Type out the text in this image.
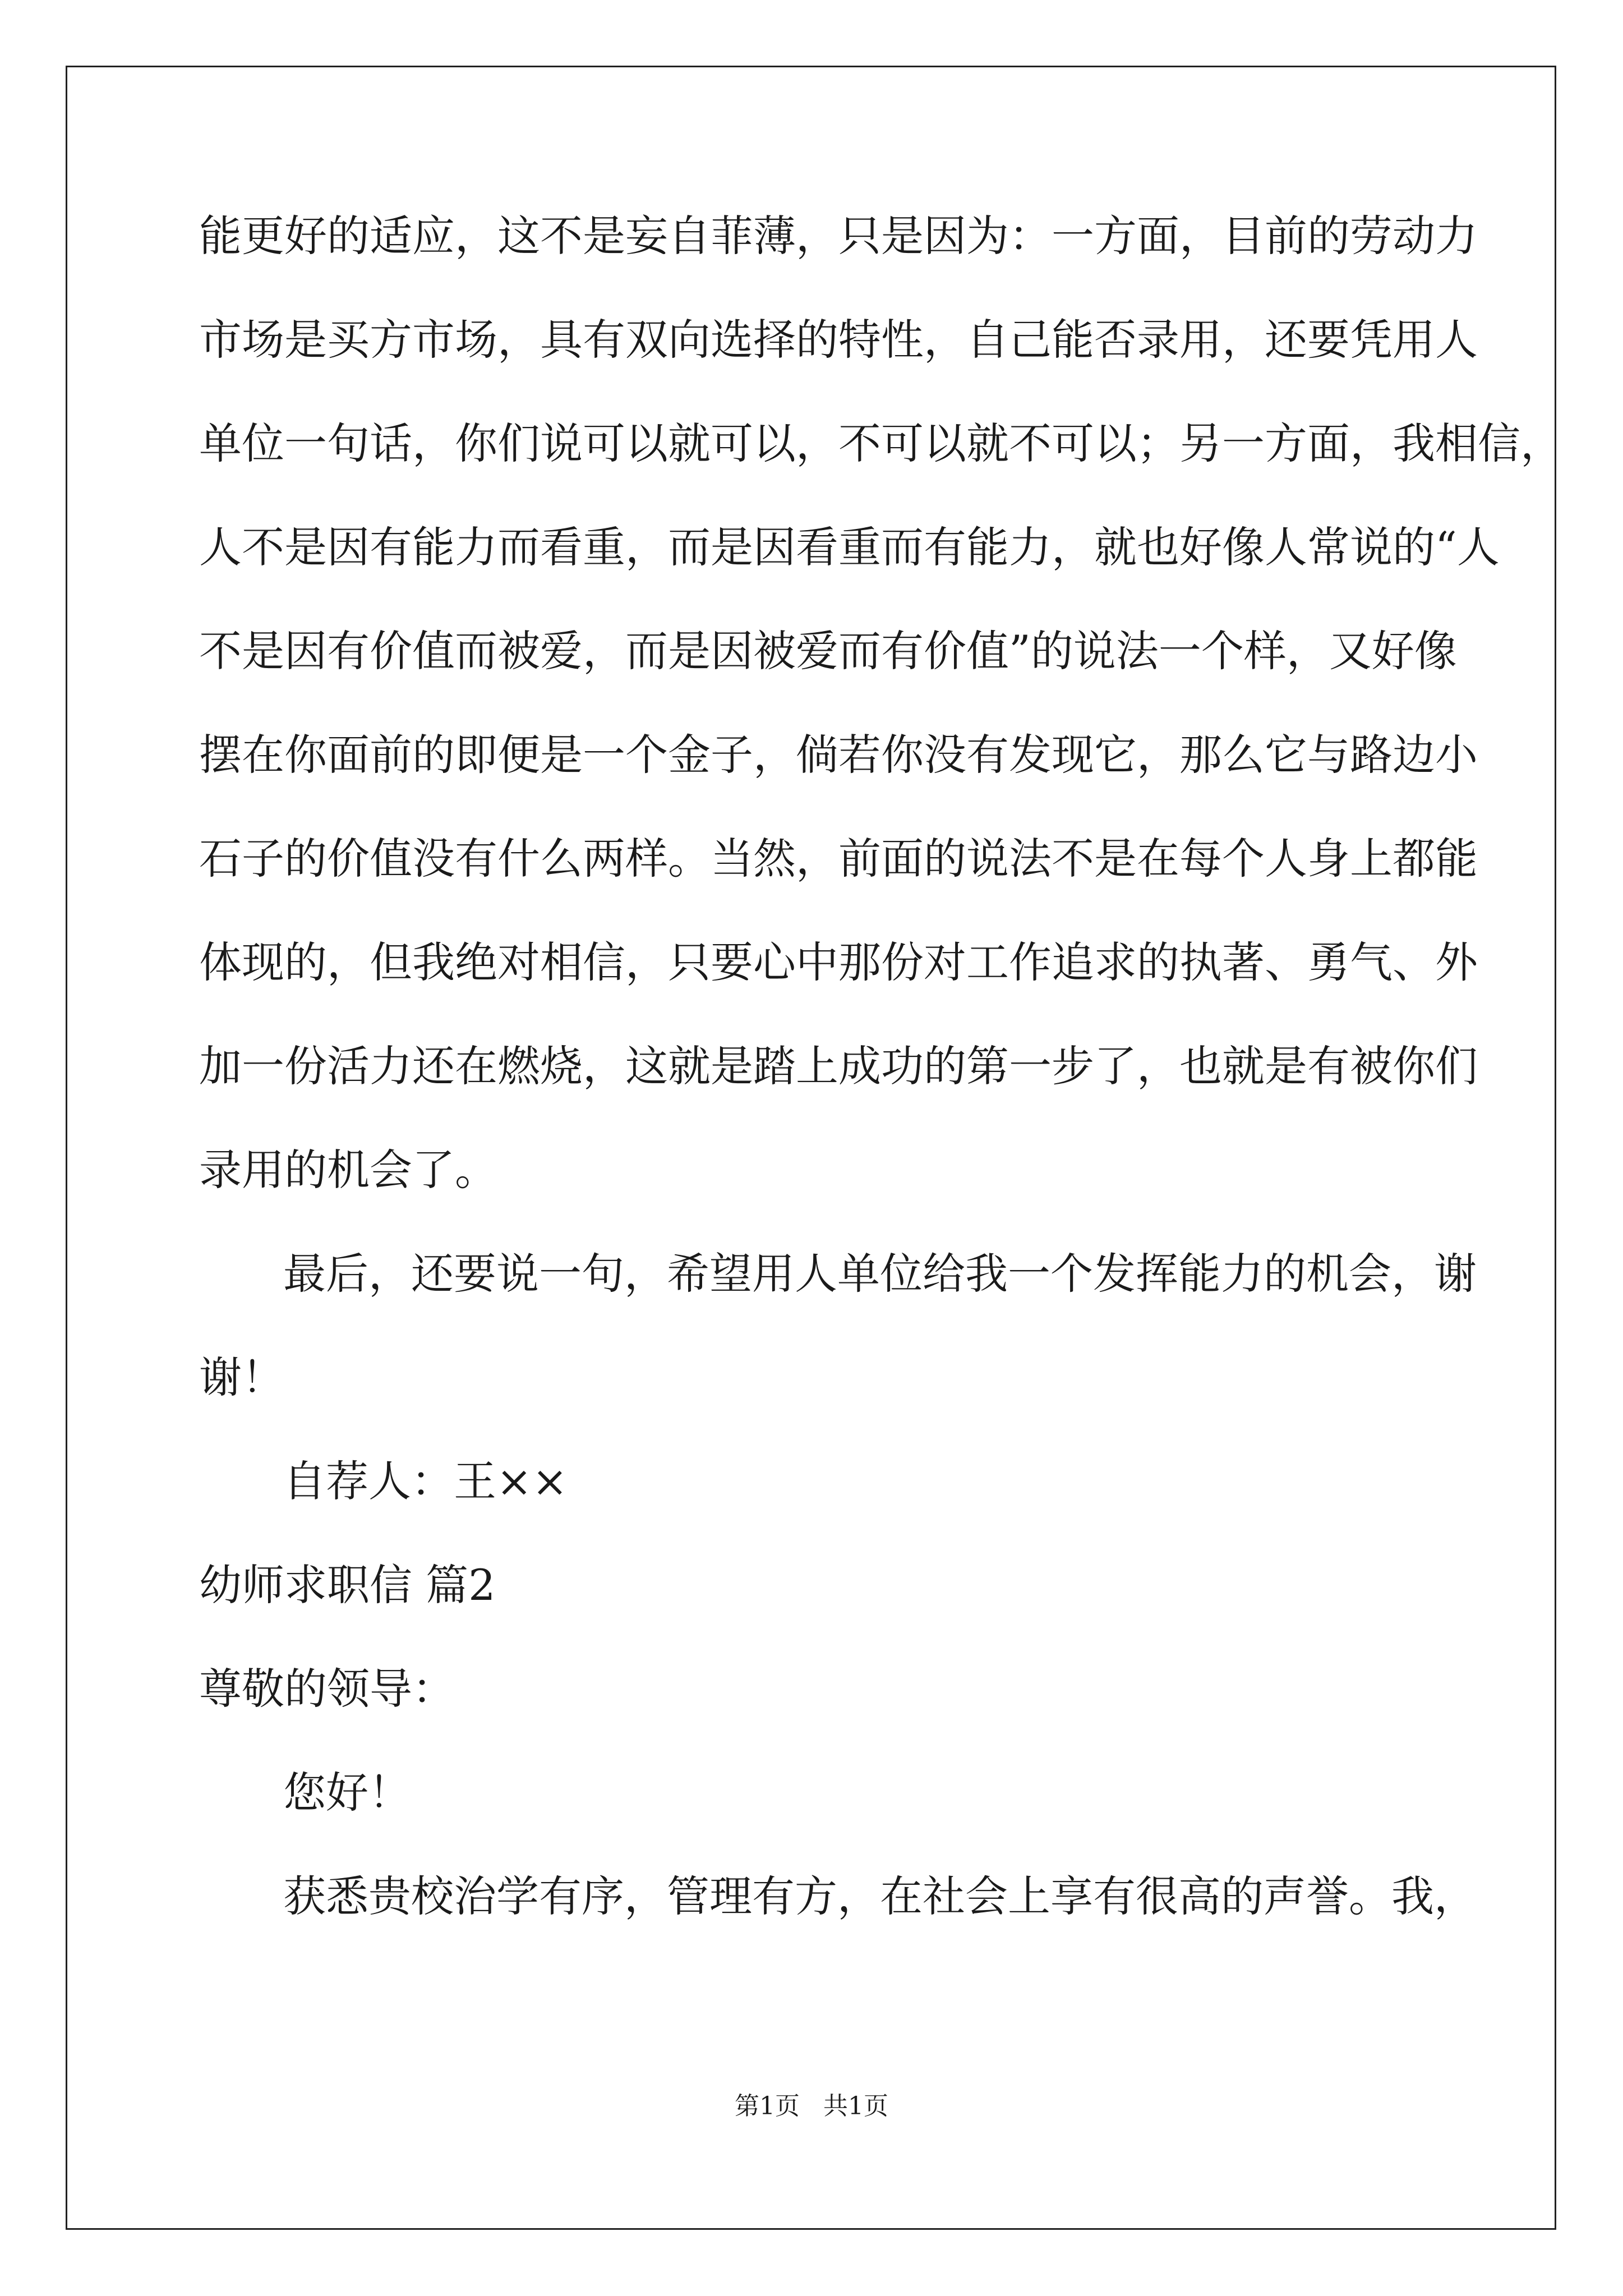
能更好的适应，这不是妄自菲薄，只是因为：一方面，目前的劳动力
市场是买方市场，具有双向选择的特性，自己能否录用，还要凭用人
单位一句话，你们说可以就可以，不可以就不可以；另一方面，我相信，
人不是因有能力而看重，而是因看重而有能力，就也好像人常说的“人
不是因有价值而被爱，而是因被爱而有价值”的说法一个样，又好像
摆在你面前的即便是一个金子，倘若你没有发现它，那么它与路边小
石子的价值没有什么两样。当然，前面的说法不是在每个人身上都能
体现的，但我绝对相信，只要心中那份对工作追求的执著、勇气、外
加一份活力还在燃烧，这就是踏上成功的第一步了，也就是有被你们
录用的机会了。
最后，还要说一句，希望用人单位给我一个发挥能力的机会，谢
谢！
自荐人：王××
幼师求职信 篇2
尊敬的领导：
您好！
获悉贵校治学有序，管理有方，在社会上享有很高的声誉。我，
第1页   共1页
